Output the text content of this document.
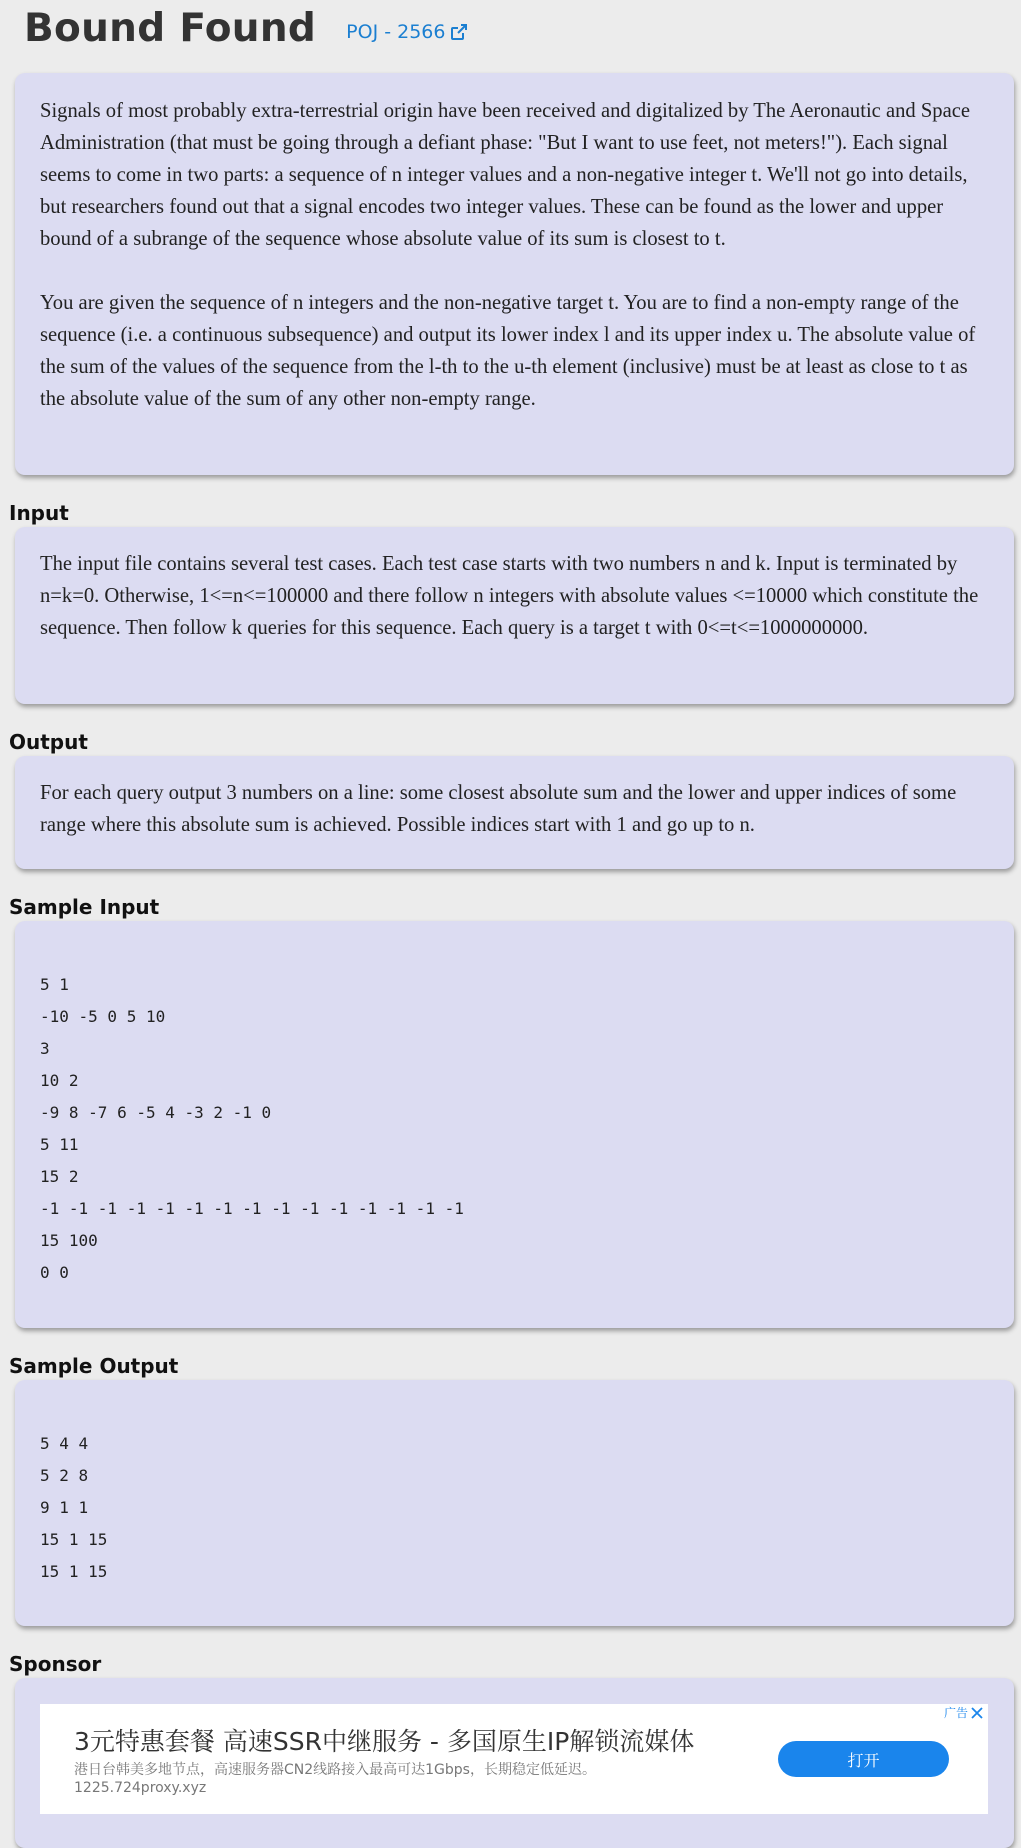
Bound Found POJ - 2566

Signals of most probably extra-terrestrial origin have been received and digitalized by The Aeronautic and Space Administration (that must be going through a defiant phase: "But I want to use feet, not meters!"). Each signal seems to come in two parts: a sequence of n integer values and a non-negative integer t. We'll not go into details, but researchers found out that a signal encodes two integer values. These can be found as the lower and upper bound of a subrange of the sequence whose absolute value of its sum is closest to t.

You are given the sequence of n integers and the non-negative target t. You are to find a non-empty range of the sequence (i.e. a continuous subsequence) and output its lower index l and its upper index u. The absolute value of the sum of the values of the sequence from the l-th to the u-th element (inclusive) must be at least as close to t as the absolute value of the sum of any other non-empty range.

Input

The input file contains several test cases. Each test case starts with two numbers n and k. Input is terminated by n=k=0. Otherwise, 1<=n<=100000 and there follow n integers with absolute values <=10000 which constitute the sequence. Then follow k queries for this sequence. Each query is a target t with 0<=t<=1000000000.

Output

For each query output 3 numbers on a line: some closest absolute sum and the lower and upper indices of some range where this absolute sum is achieved. Possible indices start with 1 and go up to n.

Sample Input
5 1
-10 -5 0 5 10
3
10 2
-9 8 -7 6 -5 4 -3 2 -1 0
5 11
15 2
-1 -1 -1 -1 -1 -1 -1 -1 -1 -1 -1 -1 -1 -1 -1
15 100
0 0
Sample Output
5 4 4
5 2 8
9 1 1
15 1 15
15 1 15
Sponsor
3元特惠套餐 高速SSR中继服务 - 多国原生IP解锁流媒体
港日台韩美多地节点，高速服务器CN2线路接入最高可达1Gbps，长期稳定低延迟。
1225.724proxy.xyz
打开
广告
